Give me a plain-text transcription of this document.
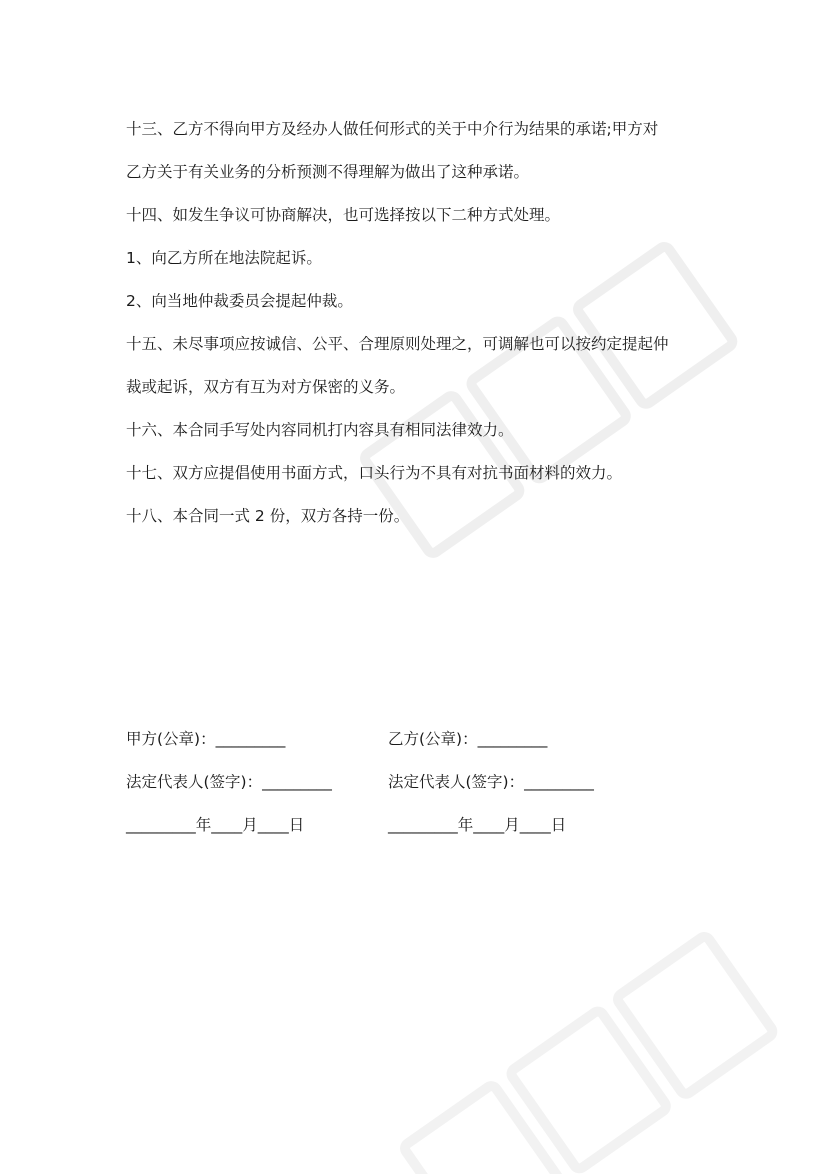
十三、乙方不得向甲方及经办人做任何形式的关于中介行为结果的承诺;甲方对

乙方关于有关业务的分析预测不得理解为做出了这种承诺。

十四、如发生争议可协商解决，也可选择按以下二种方式处理。

1、向乙方所在地法院起诉。

2、向当地仲裁委员会提起仲裁。

十五、未尽事项应按诚信、公平、合理原则处理之，可调解也可以按约定提起仲

裁或起诉，双方有互为对方保密的义务。

十六、本合同手写处内容同机打内容具有相同法律效力。

十七、双方应提倡使用书面方式，口头行为不具有对抗书面材料的效力。

十八、本合同一式 2 份，双方各持一份。

甲方(公章)：_________	乙方(公章)：_________
法定代表人(签字)：_________	法定代表人(签字)：_________
_________年____月____日	_________年____月____日
